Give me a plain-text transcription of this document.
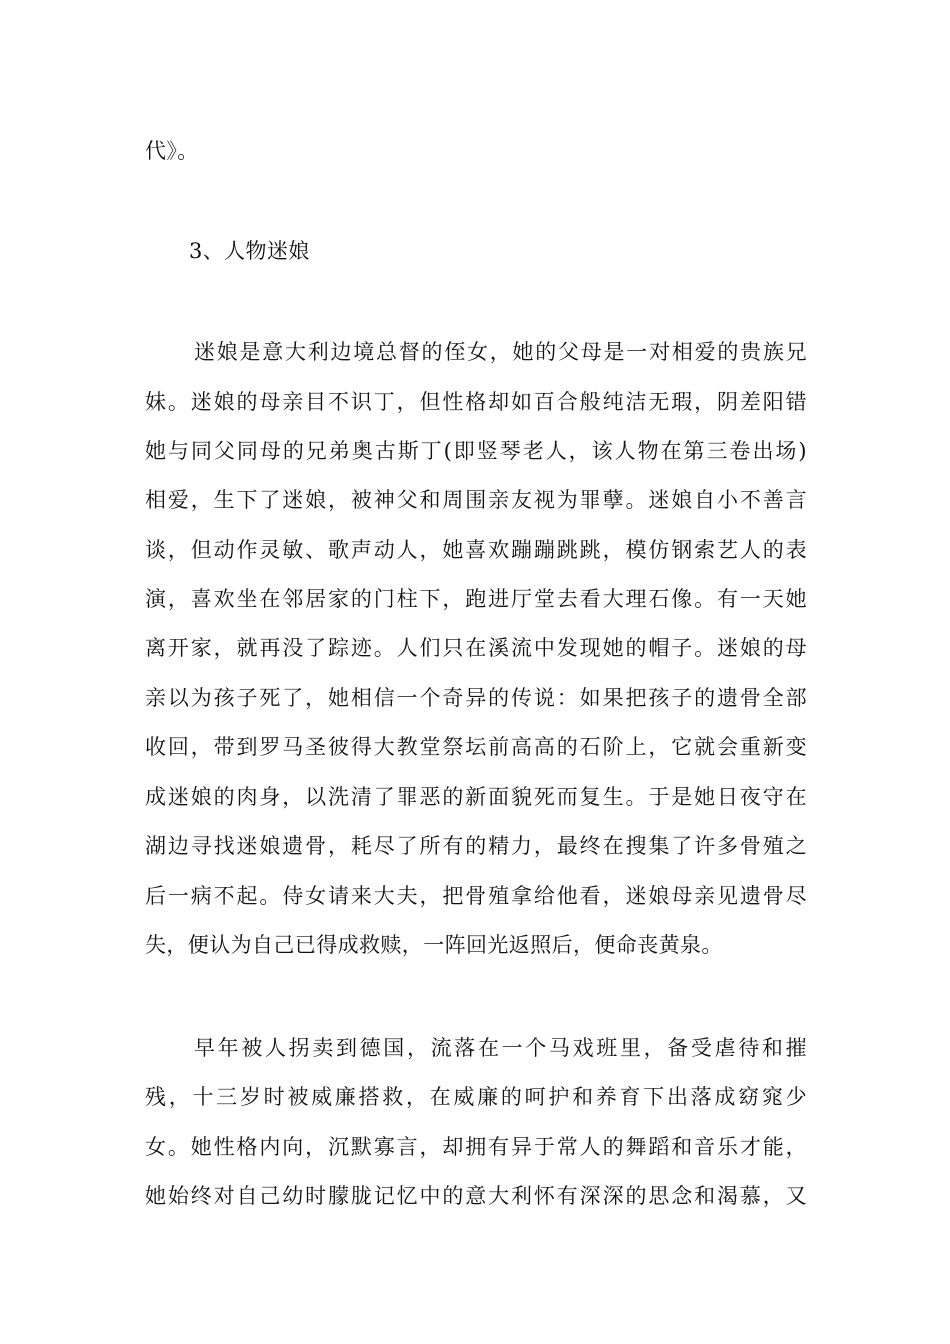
代》。

3、人物迷娘

迷娘是意大利边境总督的侄女，她的父母是一对相爱的贵族兄

妹。迷娘的母亲目不识丁，但性格却如百合般纯洁无瑕，阴差阳错

她与同父同母的兄弟奥古斯丁(即竖琴老人，该人物在第三卷出场)

相爱，生下了迷娘，被神父和周围亲友视为罪孽。迷娘自小不善言

谈，但动作灵敏、歌声动人，她喜欢蹦蹦跳跳，模仿钢索艺人的表

演，喜欢坐在邻居家的门柱下，跑进厅堂去看大理石像。有一天她

离开家，就再没了踪迹。人们只在溪流中发现她的帽子。迷娘的母

亲以为孩子死了，她相信一个奇异的传说：如果把孩子的遗骨全部

收回，带到罗马圣彼得大教堂祭坛前高高的石阶上，它就会重新变

成迷娘的肉身，以洗清了罪恶的新面貌死而复生。于是她日夜守在

湖边寻找迷娘遗骨，耗尽了所有的精力，最终在搜集了许多骨殖之

后一病不起。侍女请来大夫，把骨殖拿给他看，迷娘母亲见遗骨尽

失，便认为自己已得成救赎，一阵回光返照后，便命丧黄泉。

早年被人拐卖到德国，流落在一个马戏班里，备受虐待和摧

残，十三岁时被威廉搭救，在威廉的呵护和养育下出落成窈窕少

女。她性格内向，沉默寡言，却拥有异于常人的舞蹈和音乐才能，

她始终对自己幼时朦胧记忆中的意大利怀有深深的思念和渴慕，又
